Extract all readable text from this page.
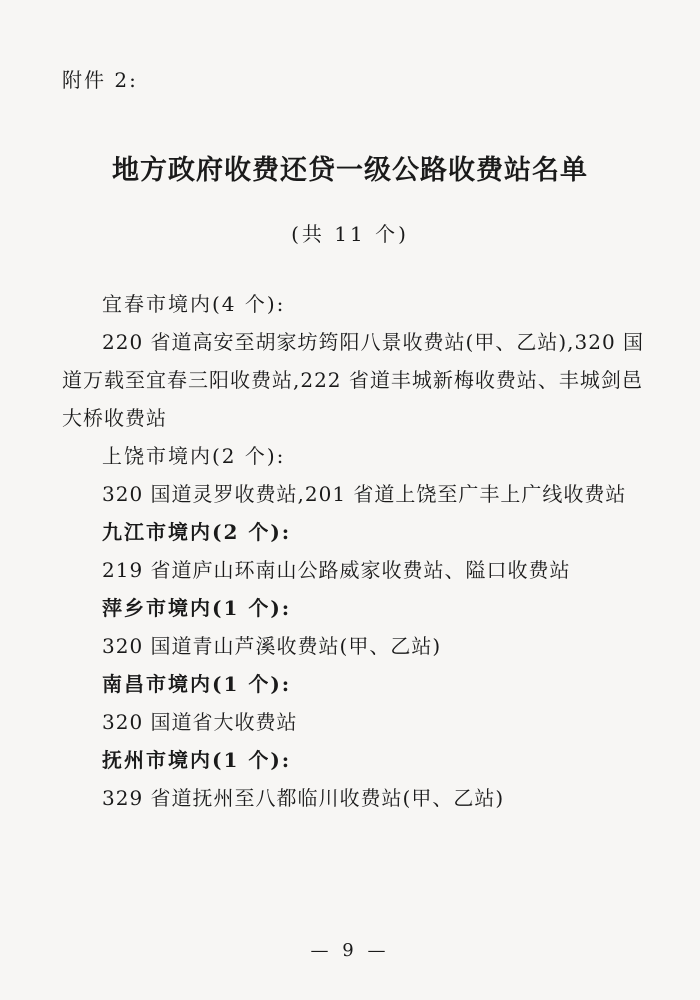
附件 2:
地方政府收费还贷一级公路收费站名单
(共 11 个)
宜春市境内(4 个):
220 省道高安至胡家坊筠阳八景收费站(甲、乙站),320 国道万载至宜春三阳收费站,222 省道丰城新梅收费站、丰城剑邑大桥收费站
上饶市境内(2 个):
320 国道灵罗收费站,201 省道上饶至广丰上广线收费站
九江市境内(2 个):
219 省道庐山环南山公路威家收费站、隘口收费站
萍乡市境内(1 个):
320 国道青山芦溪收费站(甲、乙站)
南昌市境内(1 个):
320 国道省大收费站
抚州市境内(1 个):
329 省道抚州至八都临川收费站(甲、乙站)
— 9 —
